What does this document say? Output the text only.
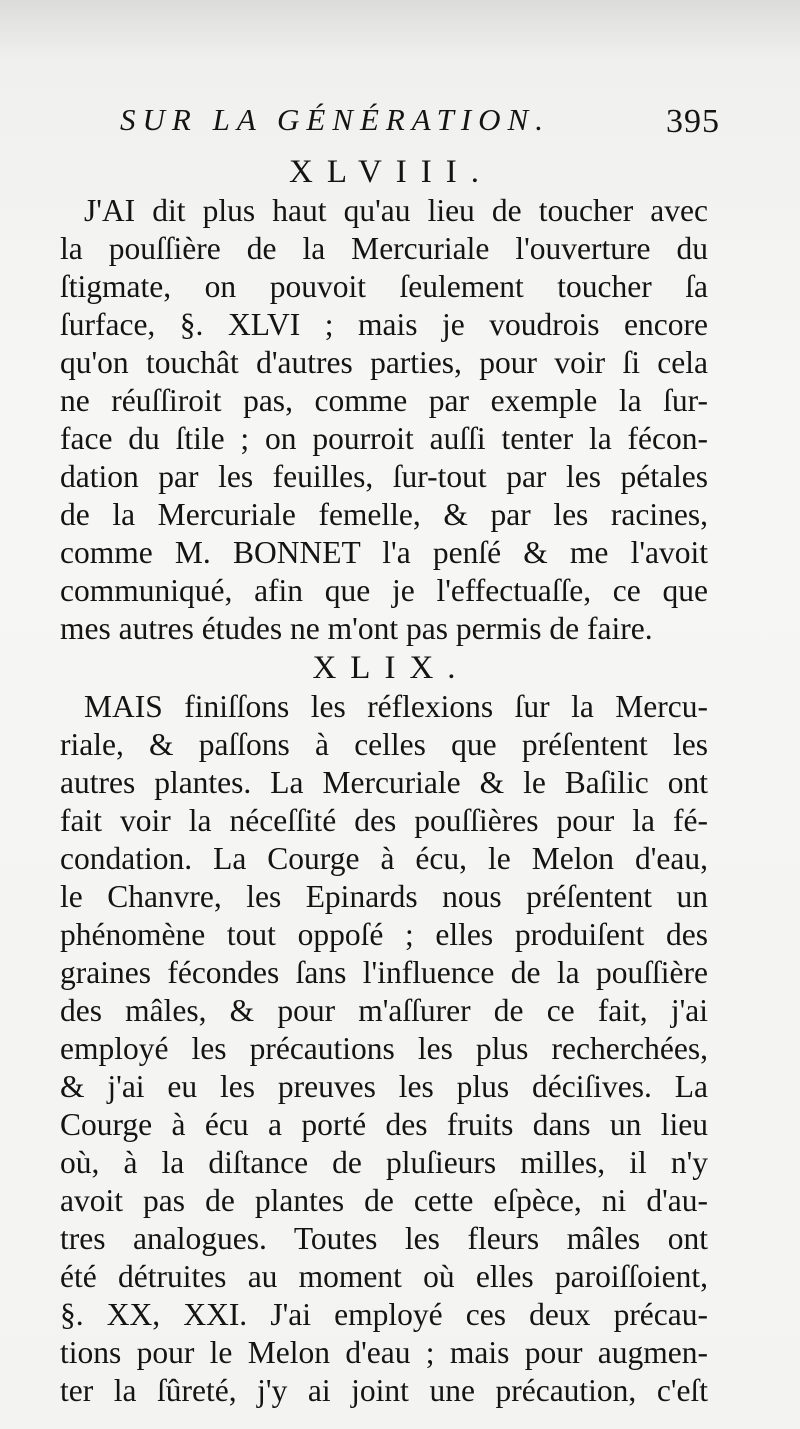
SUR LA GÉNÉRATION.	395
XLVIII.
J'AI dit plus haut qu'au lieu de toucher avec
la pouſſière de la Mercuriale l'ouverture du
ſtigmate, on pouvoit ſeulement toucher ſa
ſurface, §. XLVI ; mais je voudrois encore
qu'on touchât d'autres parties, pour voir ſi cela
ne réuſſiroit pas, comme par exemple la ſur-
face du ſtile ; on pourroit auſſi tenter la fécon-
dation par les feuilles, ſur-tout par les pétales
de la Mercuriale femelle, & par les racines,
comme M. BONNET l'a penſé & me l'avoit
communiqué, afin que je l'effectuaſſe, ce que
mes autres études ne m'ont pas permis de faire.
XLIX.
MAIS finiſſons les réflexions ſur la Mercu-
riale, & paſſons à celles que préſentent les
autres plantes. La Mercuriale & le Baſilic ont
fait voir la néceſſité des pouſſières pour la fé-
condation. La Courge à écu, le Melon d'eau,
le Chanvre, les Epinards nous préſentent un
phénomène tout oppoſé ; elles produiſent des
graines fécondes ſans l'influence de la pouſſière
des mâles, & pour m'aſſurer de ce fait, j'ai
employé les précautions les plus recherchées,
& j'ai eu les preuves les plus déciſives. La
Courge à écu a porté des fruits dans un lieu
où, à la diſtance de pluſieurs milles, il n'y
avoit pas de plantes de cette eſpèce, ni d'au-
tres analogues. Toutes les fleurs mâles ont
été détruites au moment où elles paroiſſoient,
§. XX, XXI. J'ai employé ces deux précau-
tions pour le Melon d'eau ; mais pour augmen-
ter la ſûreté, j'y ai joint une précaution, c'eſt
